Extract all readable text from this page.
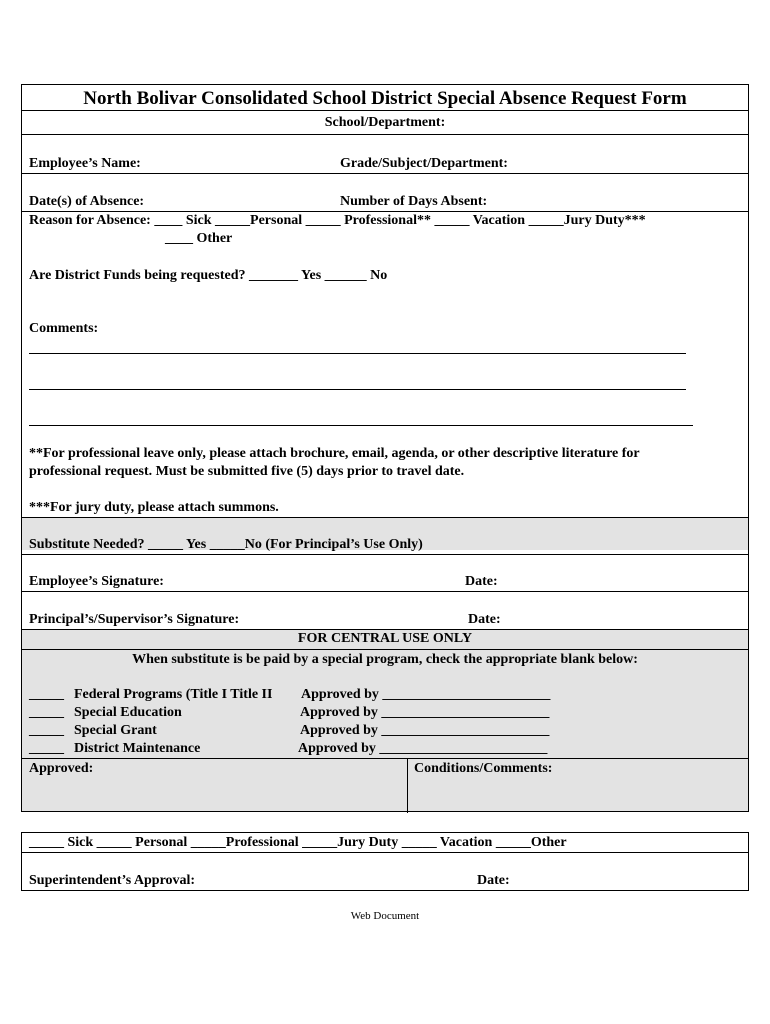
North Bolivar Consolidated School District Special Absence Request Form
School/Department:
Employee’s Name:	Grade/Subject/Department:
Date(s) of Absence:	Number of Days Absent:
Reason for Absence: ____ Sick _____Personal _____ Professional** _____ Vacation _____Jury Duty***
____ Other
Are District Funds being requested? _______ Yes ______ No
Comments:
**For professional leave only, please attach brochure, email, agenda, or other descriptive literature for
professional request. Must be submitted five (5) days prior to travel date.
***For jury duty, please attach summons.
Substitute Needed? _____ Yes _____No (For Principal’s Use Only)
Employee’s Signature:	Date:
Principal’s/Supervisor’s Signature:	Date:
FOR CENTRAL USE ONLY
When substitute is be paid by a special program, check the appropriate blank below:
_____ Federal Programs (Title I Title II Approved by ________________________
_____ Special Education	Approved by ________________________
_____ Special Grant	Approved by ________________________
_____ District Maintenance	Approved by ________________________
Approved:	Conditions/Comments:
_____ Sick _____ Personal _____Professional _____Jury Duty _____ Vacation _____Other
Superintendent’s Approval:	Date:
Web Document
